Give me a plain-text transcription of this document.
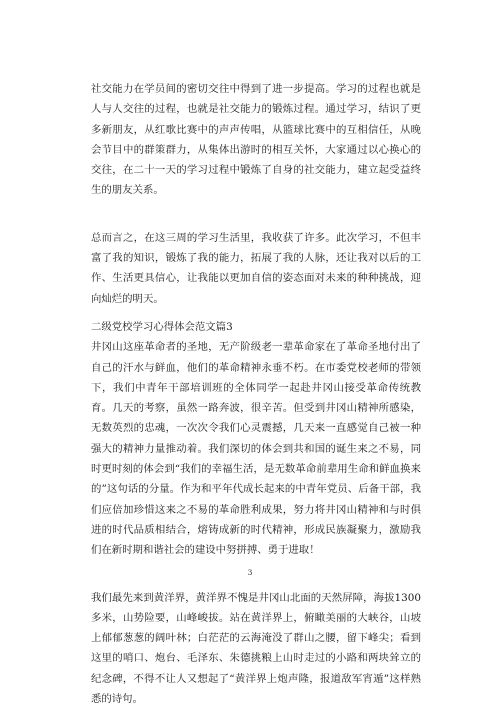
社交能力在学员间的密切交往中得到了进一步提高。学习的过程也就是人与人交往的过程，也就是社交能力的锻炼过程。通过学习，结识了更多新朋友，从红歌比赛中的声声传唱，从篮球比赛中的互相信任，从晚会节目中的群策群力，从集体出游时的相互关怀，大家通过以心换心的交往，在二十一天的学习过程中锻炼了自身的社交能力，建立起受益终生的朋友关系。

总而言之，在这三周的学习生活里，我收获了许多。此次学习，不但丰富了我的知识，锻炼了我的能力，拓展了我的人脉，还让我对以后的工作、生活更具信心，让我能以更加自信的姿态面对未来的种种挑战，迎向灿烂的明天。

二级党校学习心得体会范文篇3

井冈山这座革命者的圣地，无产阶级老一辈革命家在了革命圣地付出了自己的汗水与鲜血，他们的革命精神永垂不朽。在市委党校老师的带领下，我们中青年干部培训班的全体同学一起赴井冈山接受革命传统教育。几天的考察，虽然一路奔波，很辛苦。但受到井冈山精神所感染，无数英烈的忠魂，一次次令我们心灵震撼，几天来一直感觉自己被一种强大的精神力量推动着。我们深切的体会到共和国的诞生来之不易，同时更时刻的体会到“我们的幸福生活，是无数革命前辈用生命和鲜血换来的”这句话的分量。作为和平年代成长起来的中青年党员、后备干部，我们应倍加珍惜这来之不易的革命胜利成果，努力将井冈山精神和与时俱进的时代品质相结合，熔铸成新的时代精神，形成民族凝聚力，激励我们在新时期和谐社会的建设中努拼搏、勇于进取！

我们最先来到黄洋界，黄洋界不愧是井冈山北面的天然屏障，海拔1300多米，山势险要，山峰峻拔。站在黄洋界上，俯瞰美丽的大峡谷，山坡上郁郁葱葱的阔叶林；白茫茫的云海淹没了群山之腰，留下峰尖；看到这里的哨口、炮台、毛泽东、朱德挑粮上山时走过的小路和两块耸立的纪念碑，不得不让人又想起了“黄洋界上炮声隆，报道敌军宵遁”这样熟悉的诗句。

3
